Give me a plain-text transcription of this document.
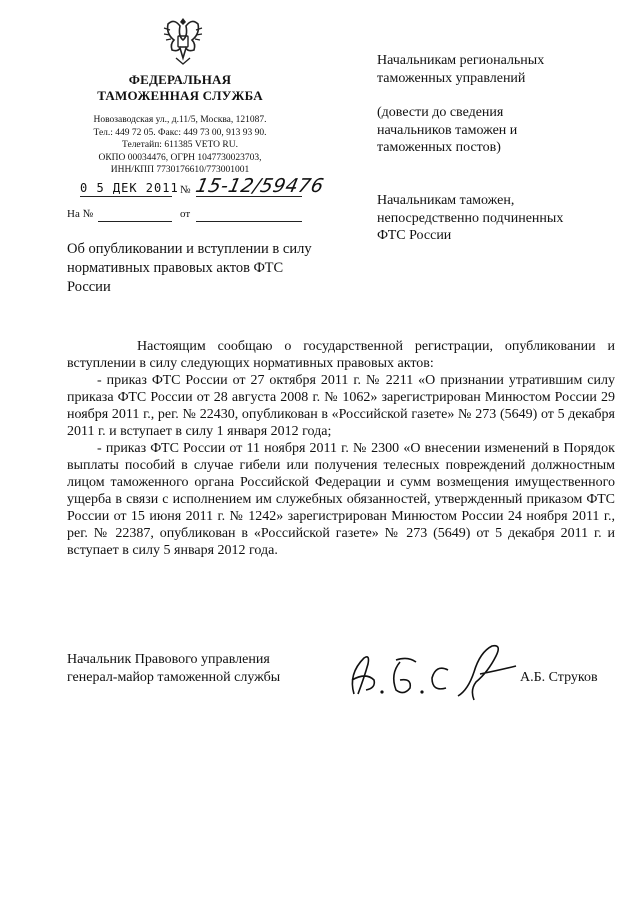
ФЕДЕРАЛЬНАЯ
ТАМОЖЕННАЯ СЛУЖБА
Новозаводская ул., д.11/5, Москва, 121087.
Тел.: 449 72 05. Факс: 449 73 00, 913 93 90.
Телетайп: 611385 VETO RU.
ОКПО 00034476, ОГРН 1047730023703,
ИНН/КПП 7730176610/773001001
0 5 ДЕК 2011 № 15-12/59476
На №	от
Об опубликовании и вступлении в силу нормативных правовых актов ФТС России

Начальникам региональных

таможенных управлений

(довести до сведения

начальников таможен и

таможенных постов)

Начальникам таможен,

непосредственно подчиненных

ФТС России

Настоящим сообщаю о государственной регистрации, опубликовании и вступлении в силу следующих нормативных правовых актов:

- приказ ФТС России от 27 октября 2011 г. № 2211 «О признании утратившим силу приказа ФТС России от 28 августа 2008 г. № 1062» зарегистрирован Минюстом России 29 ноября 2011 г., рег. № 22430, опубликован в «Российской газете» № 273 (5649) от 5 декабря 2011 г. и вступает в силу 1 января 2012 года;

- приказ ФТС России от 11 ноября 2011 г. № 2300 «О внесении изменений в Порядок выплаты пособий в случае гибели или получения телесных повреждений должностным лицом таможенного органа Российской Федерации и сумм возмещения имущественного ущерба в связи с исполнением им служебных обязанностей, утвержденный приказом ФТС России от 15 июня 2011 г. № 1242» зарегистрирован Минюстом России 24 ноября 2011 г., рег. № 22387, опубликован в «Российской газете» № 273 (5649) от 5 декабря 2011 г. и вступает в силу 5 января 2012 года.

Начальник Правового управления
генерал-майор таможенной службы	А.Б. Струков
